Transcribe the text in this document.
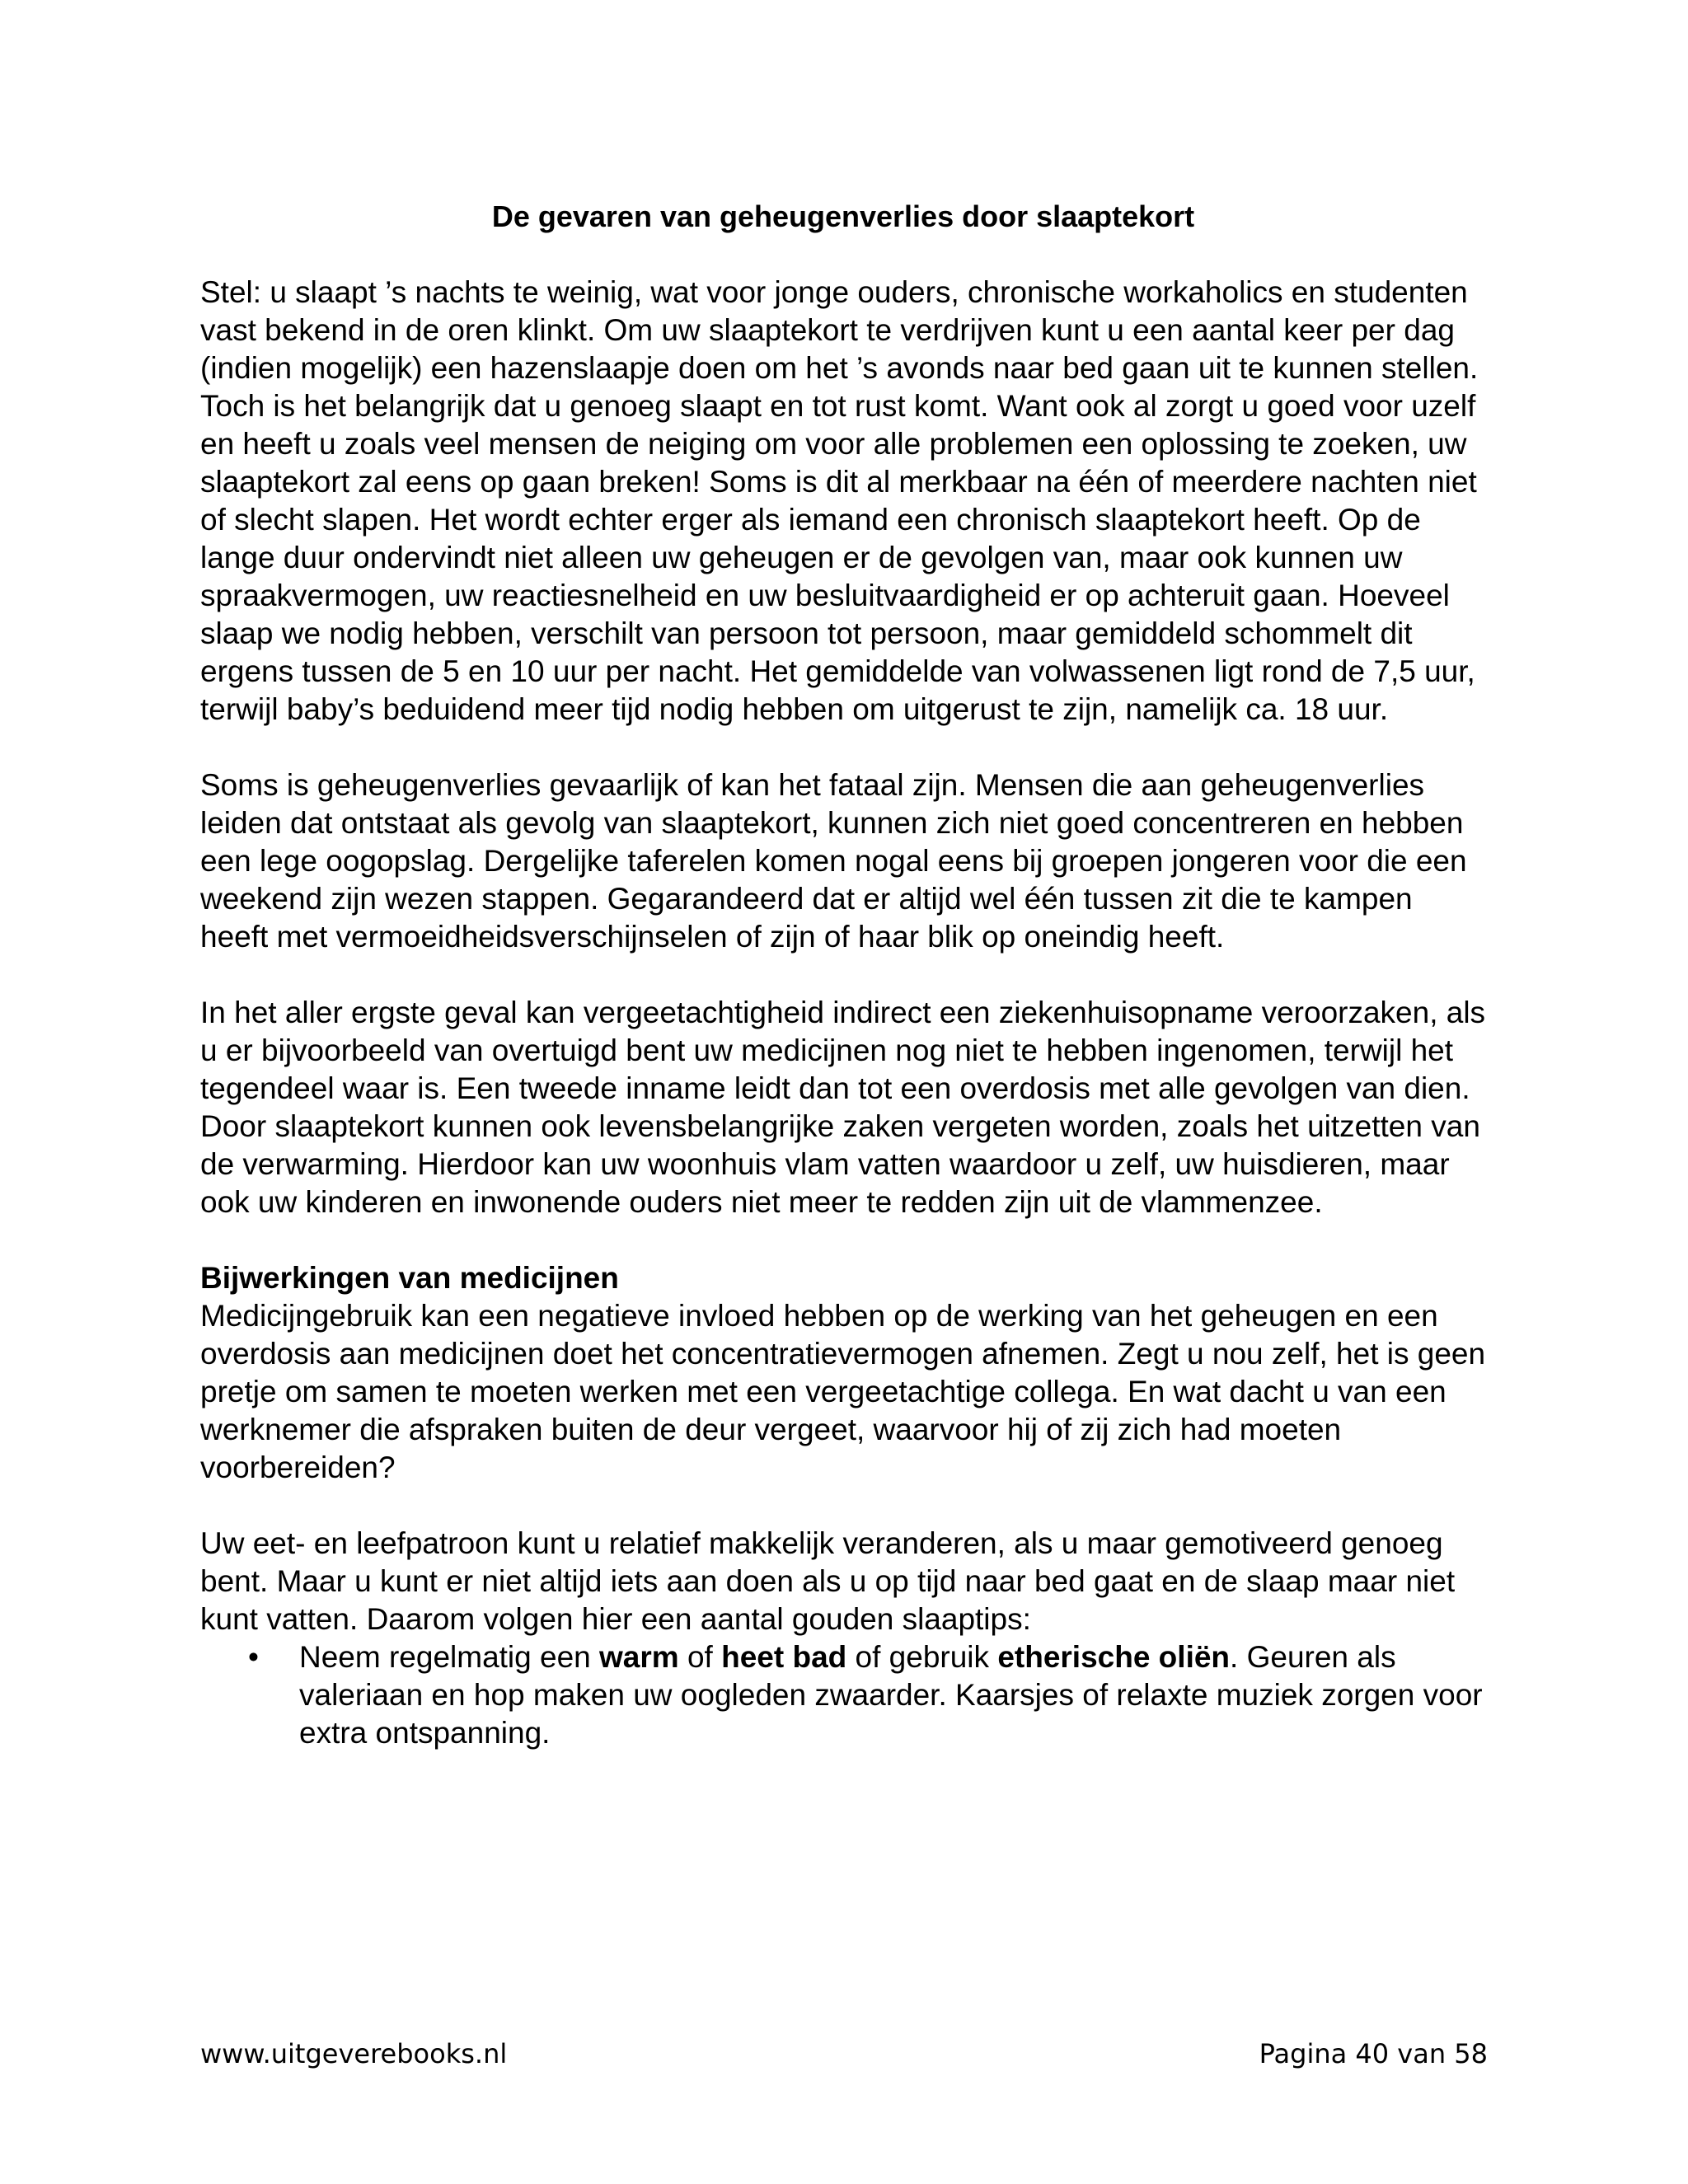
De gevaren van geheugenverlies door slaaptekort

Stel: u slaapt ’s nachts te weinig, wat voor jonge ouders, chronische workaholics en studenten vast bekend in de oren klinkt. Om uw slaaptekort te verdrijven kunt u een aantal keer per dag (indien mogelijk) een hazenslaapje doen om het ’s avonds naar bed gaan uit te kunnen stellen. Toch is het belangrijk dat u genoeg slaapt en tot rust komt. Want ook al zorgt u goed voor uzelf en heeft u zoals veel mensen de neiging om voor alle problemen een oplossing te zoeken, uw slaaptekort zal eens op gaan breken! Soms is dit al merkbaar na één of meerdere nachten niet of slecht slapen. Het wordt echter erger als iemand een chronisch slaaptekort heeft. Op de lange duur ondervindt niet alleen uw geheugen er de gevolgen van, maar ook kunnen uw spraakvermogen, uw reactiesnelheid en uw besluitvaardigheid er op achteruit gaan. Hoeveel slaap we nodig hebben, verschilt van persoon tot persoon, maar gemiddeld schommelt dit ergens tussen de 5 en 10 uur per nacht. Het gemiddelde van volwassenen ligt rond de 7,5 uur, terwijl baby’s beduidend meer tijd nodig hebben om uitgerust te zijn, namelijk ca. 18 uur.

Soms is geheugenverlies gevaarlijk of kan het fataal zijn. Mensen die aan geheugenverlies leiden dat ontstaat als gevolg van slaaptekort, kunnen zich niet goed concentreren en hebben een lege oogopslag. Dergelijke taferelen komen nogal eens bij groepen jongeren voor die een weekend zijn wezen stappen. Gegarandeerd dat er altijd wel één tussen zit die te kampen heeft met vermoeidheidsverschijnselen of zijn of haar blik op oneindig heeft.

In het aller ergste geval kan vergeetachtigheid indirect een ziekenhuisopname veroorzaken, als u er bijvoorbeeld van overtuigd bent uw medicijnen nog niet te hebben ingenomen, terwijl het tegendeel waar is. Een tweede inname leidt dan tot een overdosis met alle gevolgen van dien. Door slaaptekort kunnen ook levensbelangrijke zaken vergeten worden, zoals het uitzetten van de verwarming. Hierdoor kan uw woonhuis vlam vatten waardoor u zelf, uw huisdieren, maar ook uw kinderen en inwonende ouders niet meer te redden zijn uit de vlammenzee.

Bijwerkingen van medicijnen

Medicijngebruik kan een negatieve invloed hebben op de werking van het geheugen en een overdosis aan medicijnen doet het concentratievermogen afnemen. Zegt u nou zelf, het is geen pretje om samen te moeten werken met een vergeetachtige collega. En wat dacht u van een werknemer die afspraken buiten de deur vergeet, waarvoor hij of zij zich had moeten voorbereiden?

Uw eet- en leefpatroon kunt u relatief makkelijk veranderen, als u maar gemotiveerd genoeg bent. Maar u kunt er niet altijd iets aan doen als u op tijd naar bed gaat en de slaap maar niet kunt vatten. Daarom volgen hier een aantal gouden slaaptips:

• Neem regelmatig een warm of heet bad of gebruik etherische oliën. Geuren als valeriaan en hop maken uw oogleden zwaarder. Kaarsjes of relaxte muziek zorgen voor extra ontspanning.
www.uitgeverebooks.nl	Pagina 40 van 58
